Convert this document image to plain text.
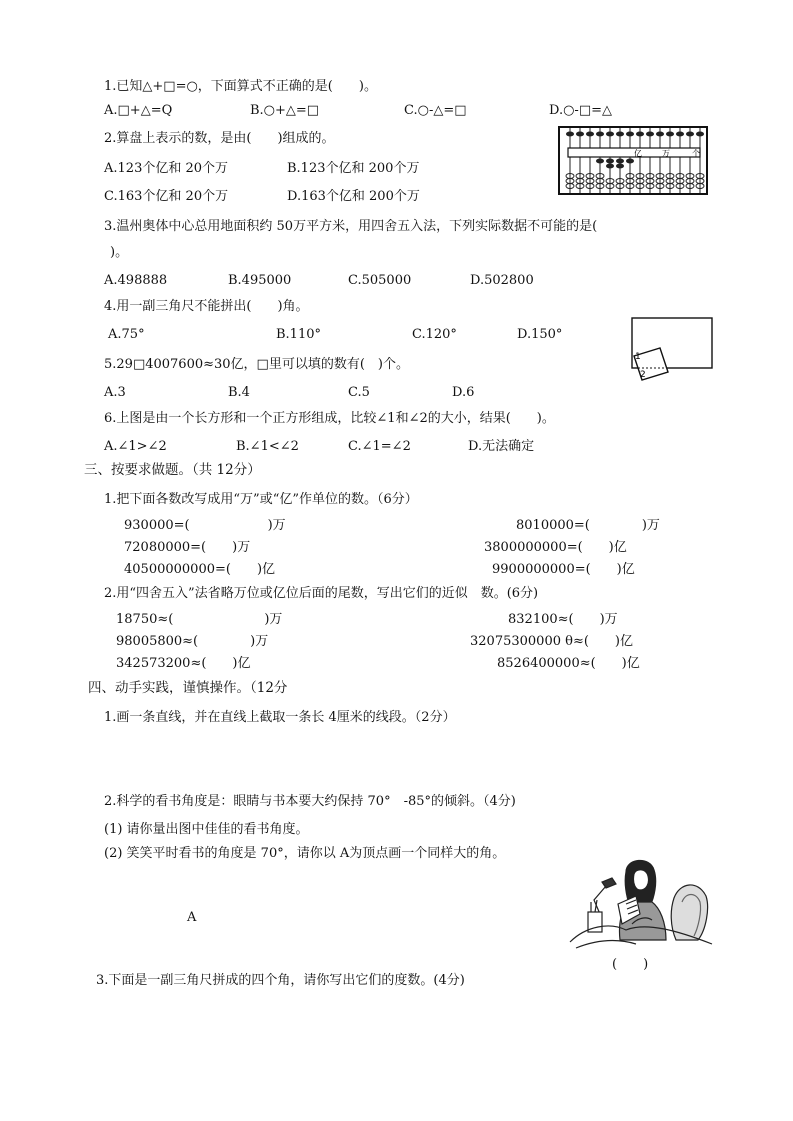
1.已知△+□=○，下面算式不正确的是(　　)。
A.□+△=Q	B.○+△=□	C.○-△=□	D.○-□=△
2.算盘上表示的数，是由(　　)组成的。
A.123个亿和 20个万	B.123个亿和 200个万
C.163个亿和 20个万	D.163个亿和 200个万
亿	万	个
3.温州奥体中心总用地面积约 50万平方米，用四舍五入法，下列实际数据不可能的是(
)。
A.498888	B.495000	C.505000	D.502800
4.用一副三角尺不能拼出(　　)角。
A.75°	B.110°	C.120°	D.150°
1
2
5.29□4007600≈30亿，□里可以填的数有(　)个。
A.3	B.4	C.5	D.6
6.上图是由一个长方形和一个正方形组成，比较∠1和∠2的大小，结果(　　)。
A.∠1>∠2	B.∠1<∠2	C.∠1=∠2	D.无法确定
三、按要求做题。（共 12分）
1.把下面各数改写成用“万”或“亿”作单位的数。（6分）
930000=(　　　　　　)万	8010000=(　　　　)万
72080000=(　　)万	3800000000=(　　)亿
40500000000=(　　)亿	9900000000=(　　)亿
2.用“四舍五入”法省略万位或亿位后面的尾数，写出它们的近似　数。(6分)
18750≈(　　　　　　　)万	832100≈(　　)万
98005800≈(　　　　)万	32075300000 θ≈(　　)亿
342573200≈(　　)亿	8526400000≈(　　)亿
四、动手实践，谨慎操作。（12分
1.画一条直线，并在直线上截取一条长 4厘米的线段。（2分）
2.科学的看书角度是：眼睛与书本要大约保持 70°　-85°的倾斜。（4分)
(1) 请你量出图中佳佳的看书角度。
(2) 笑笑平时看书的角度是 70°，请你以 A为顶点画一个同样大的角。
A
(　　)
3.下面是一副三角尺拼成的四个角，请你写出它们的度数。(4分)
